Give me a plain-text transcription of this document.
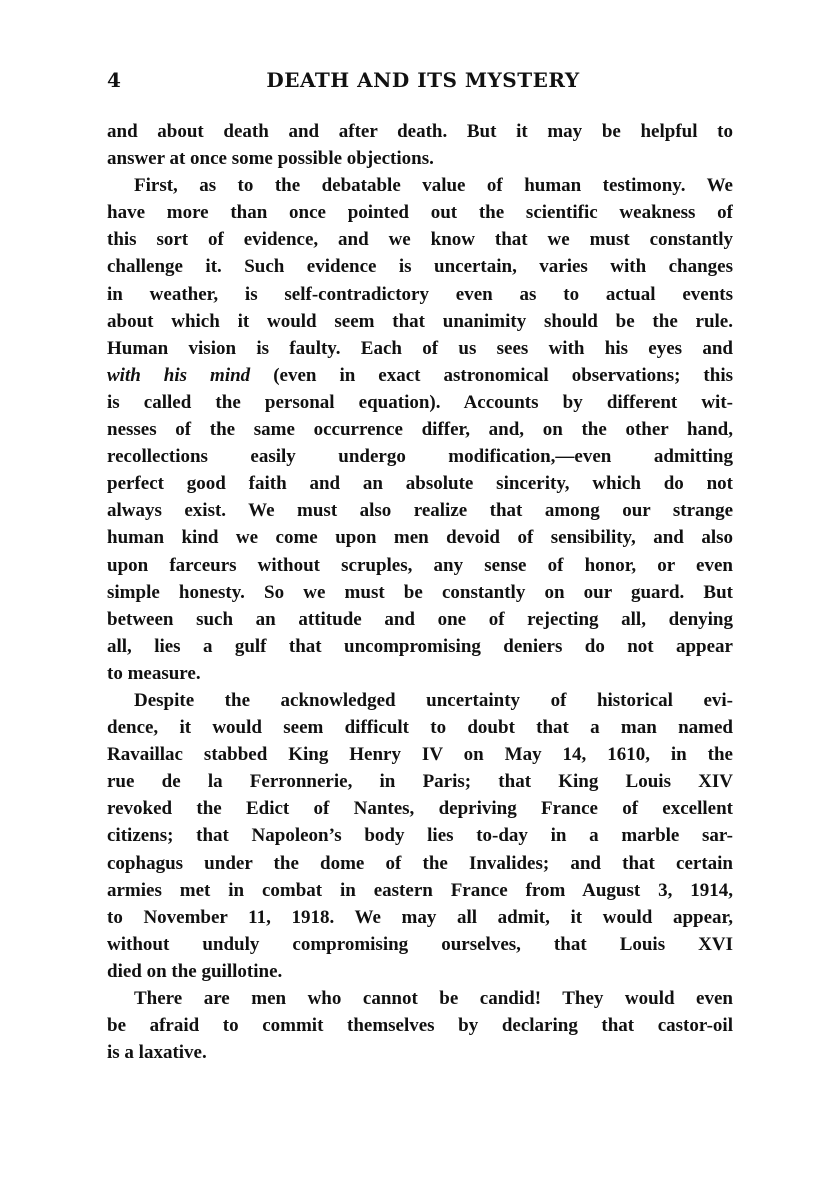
4	DEATH AND ITS MYSTERY
and about death and after death. But it may be helpful to
answer at once some possible objections.
First, as to the debatable value of human testimony. We
have more than once pointed out the scientific weakness of
this sort of evidence, and we know that we must constantly
challenge it. Such evidence is uncertain, varies with changes
in weather, is self-contradictory even as to actual events
about which it would seem that unanimity should be the rule.
Human vision is faulty. Each of us sees with his eyes and
with his mind (even in exact astronomical observations; this
is called the personal equation). Accounts by different wit-
nesses of the same occurrence differ, and, on the other hand,
recollections easily undergo modification,—even admitting
perfect good faith and an absolute sincerity, which do not
always exist. We must also realize that among our strange
human kind we come upon men devoid of sensibility, and also
upon farceurs without scruples, any sense of honor, or even
simple honesty. So we must be constantly on our guard. But
between such an attitude and one of rejecting all, denying
all, lies a gulf that uncompromising deniers do not appear
to measure.
Despite the acknowledged uncertainty of historical evi-
dence, it would seem difficult to doubt that a man named
Ravaillac stabbed King Henry IV on May 14, 1610, in the
rue de la Ferronnerie, in Paris; that King Louis XIV
revoked the Edict of Nantes, depriving France of excellent
citizens; that Napoleon’s body lies to-day in a marble sar-
cophagus under the dome of the Invalides; and that certain
armies met in combat in eastern France from August 3, 1914,
to November 11, 1918. We may all admit, it would appear,
without unduly compromising ourselves, that Louis XVI
died on the guillotine.
There are men who cannot be candid! They would even
be afraid to commit themselves by declaring that castor-oil
is a laxative.
